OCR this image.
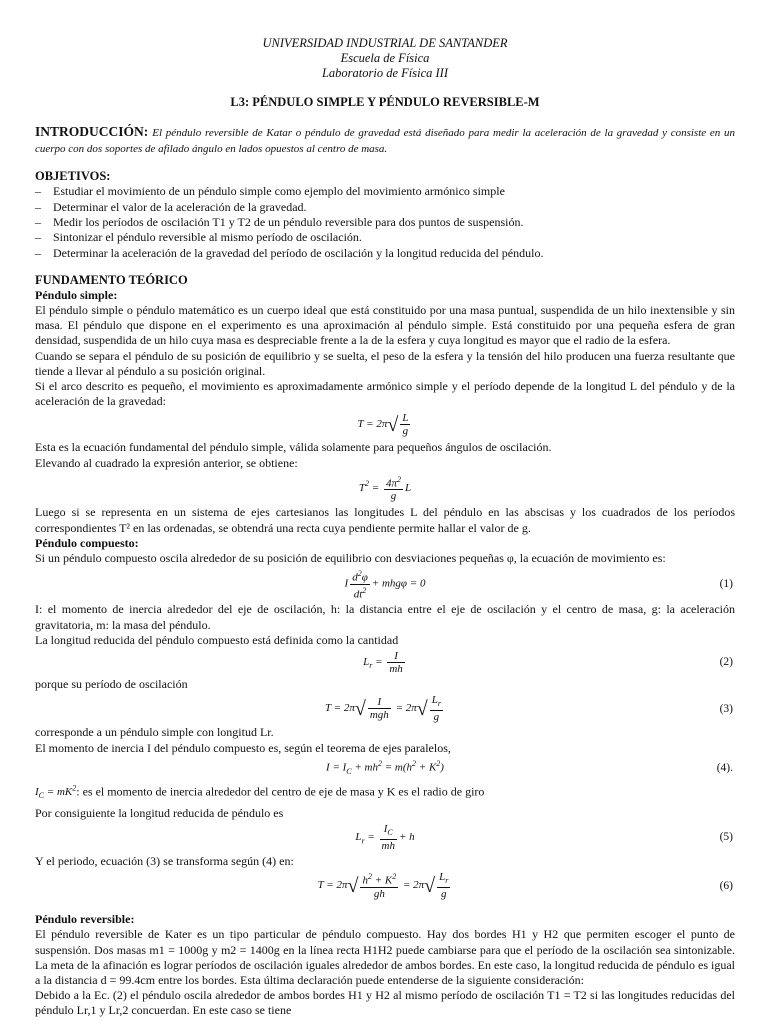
UNIVERSIDAD INDUSTRIAL DE SANTANDER
Escuela de Física
Laboratorio de Física III
L3: PÉNDULO SIMPLE Y PÉNDULO REVERSIBLE-M

INTRODUCCIÓN: El péndulo reversible de Katar o péndulo de gravedad está diseñado para medir la aceleración de la gravedad y consiste en un cuerpo con dos soportes de afilado ángulo en lados opuestos al centro de masa.

OBJETIVOS:
– Estudiar el movimiento de un péndulo simple como ejemplo del movimiento armónico simple
– Determinar el valor de la aceleración de la gravedad.
– Medir los períodos de oscilación T1 y T2 de un péndulo reversible para dos puntos de suspensión.
– Sintonizar el péndulo reversible al mismo período de oscilación.
– Determinar la aceleración de la gravedad del período de oscilación y la longitud reducida del péndulo.
FUNDAMENTO TEÓRICO
Péndulo simple:

El péndulo simple o péndulo matemático es un cuerpo ideal que está constituido por una masa puntual, suspendida de un hilo inextensible y sin masa. El péndulo que dispone en el experimento es una aproximación al péndulo simple. Está constituido por una pequeña esfera de gran densidad, suspendida de un hilo cuya masa es despreciable frente a la de la esfera y cuya longitud es mayor que el radio de la esfera.

Cuando se separa el péndulo de su posición de equilibrio y se suelta, el peso de la esfera y la tensión del hilo producen una fuerza resultante que tiende a llevar al péndulo a su posición original.

Si el arco descrito es pequeño, el movimiento es aproximadamente armónico simple y el período depende de la longitud L del péndulo y de la aceleración de la gravedad:

$T = 2\pi√ \frac{L}{g}$

Esta es la ecuación fundamental del péndulo simple, válida solamente para pequeños ángulos de oscilación.

Elevando al cuadrado la expresión anterior, se obtiene:

$T^2 = \frac{4\pi^2}{g}$ L

Luego si se representa en un sistema de ejes cartesianos las longitudes L del péndulo en las abscisas y los cuadrados de los períodos correspondientes T² en las ordenadas, se obtendrá una recta cuya pendiente permite hallar el valor de g.

Péndulo compuesto:

Si un péndulo compuesto oscila alrededor de su posición de equilibrio con desviaciones pequeñas φ, la ecuación de movimiento es:

I $\frac{d^2\varphi}{dt^2} + mhg\varphi = 0$	(1)

I: el momento de inercia alrededor del eje de oscilación, h: la distancia entre el eje de oscilación y el centro de masa, g: la aceleración gravitatoria, m: la masa del péndulo.

La longitud reducida del péndulo compuesto está definida como la cantidad

$L_r = \frac{I}{mh}$	(2)

porque su período de oscilación

$T = 2\pi√ \frac{I}{\text{mgh}} = 2\pi√ \frac{L_r}{g}$	(3)

corresponde a un péndulo simple con longitud Lr.

El momento de inercia I del péndulo compuesto es, según el teorema de ejes paralelos,

$I = I_C + mh^2 = m(h^2 + K^2)$	(4).

$I_C = mK^2$: es el momento de inercia alrededor del centro de eje de masa y K es el radio de giro

Por consiguiente la longitud reducida de péndulo es

$L_r = \frac{I_C}{mh} + h$	(5)

Y el periodo, ecuación (3) se transforma según (4) en:

$T = 2\pi√ \frac{h^2 + K^2}{gh} = 2\pi√ \frac{L_r}{g}$	(6)
Péndulo reversible:

El péndulo reversible de Kater es un tipo particular de péndulo compuesto. Hay dos bordes H1 y H2 que permiten escoger el punto de suspensión. Dos masas m1 = 1000g y m2 = 1400g en la línea recta H1H2 puede cambiarse para que el período de la oscilación sea sintonizable. La meta de la afinación es lograr períodos de oscilación iguales alrededor de ambos bordes. En este caso, la longitud reducida de péndulo es igual a la distancia d = 99.4cm entre los bordes. Esta última declaración puede entenderse de la siguiente consideración:

Debido a la Ec. (2) el péndulo oscila alrededor de ambos bordes H1 y H2 al mismo período de oscilación T1 = T2 si las longitudes reducidas del péndulo Lr,1 y Lr,2 concuerdan. En este caso se tiene
